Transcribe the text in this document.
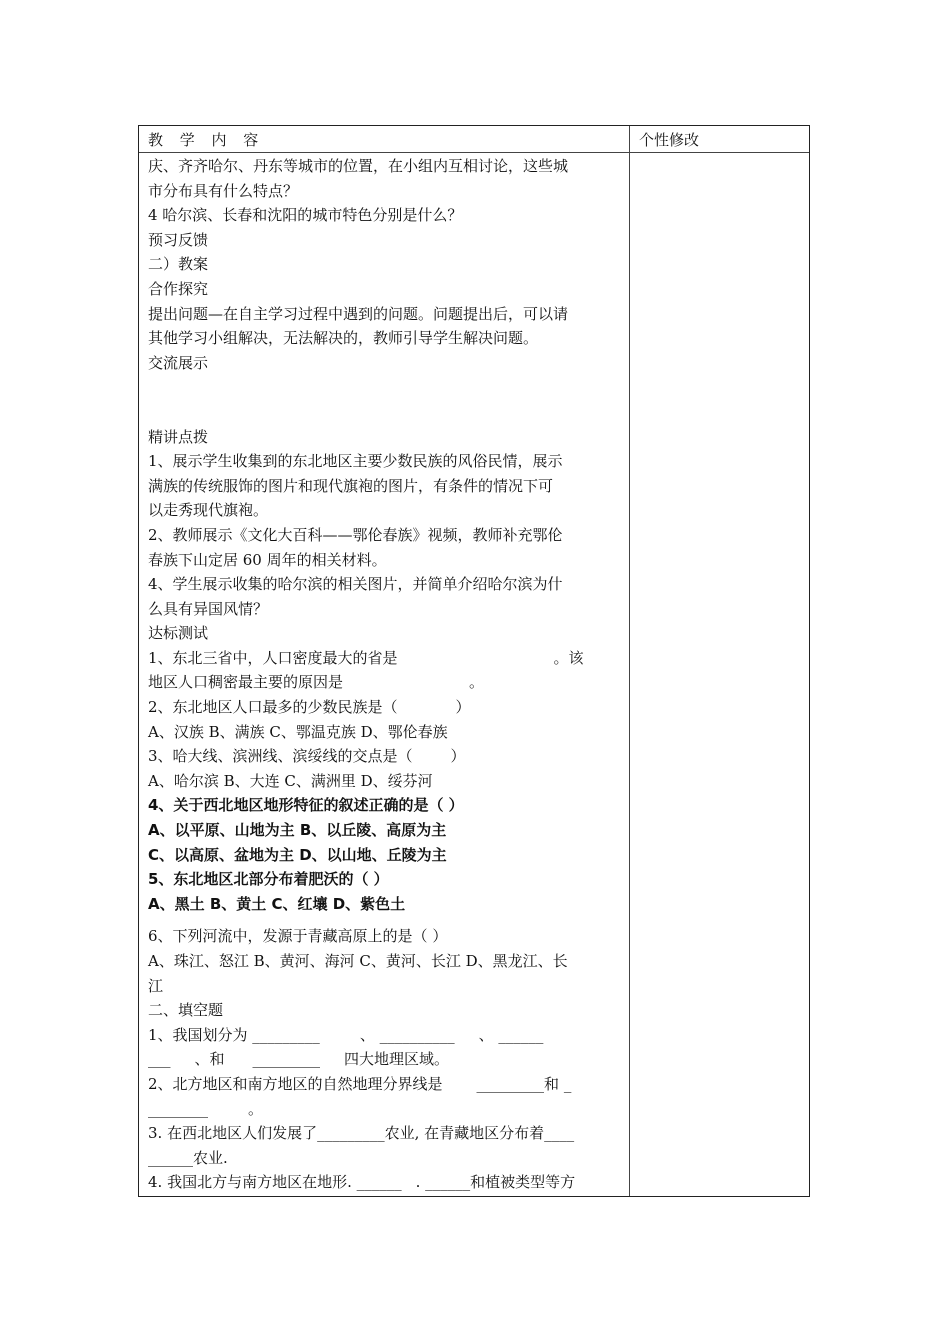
教 学 内 容	个性修改

庆、齐齐哈尔、丹东等城市的位置，在小组内互相讨论，这些城

市分布具有什么特点？

4 哈尔滨、长春和沈阳的城市特色分别是什么？

预习反馈

二）教案

合作探究

提出问题—在自主学习过程中遇到的问题。问题提出后，可以请

其他学习小组解决，无法解决的，教师引导学生解决问题。

交流展示

精讲点拨

1、展示学生收集到的东北地区主要少数民族的风俗民情，展示

满族的传统服饰的图片和现代旗袍的图片，有条件的情况下可

以走秀现代旗袍。

2、教师展示《文化大百科——鄂伦春族》视频，教师补充鄂伦

春族下山定居 60 周年的相关材料。

4、学生展示收集的哈尔滨的相关图片，并简单介绍哈尔滨为什

么具有异国风情？

达标测试

1、东北三省中，人口密度最大的省是	。该

地区人口稠密最主要的原因是	。

2、东北地区人口最多的少数民族是（	）

A、汉族 B、满族 C、鄂温克族 D、鄂伦春族

3、哈大线、滨洲线、滨绥线的交点是（	）

A、哈尔滨 B、大连 C、满洲里 D、绥芬河

4、关于西北地区地形特征的叙述正确的是（ ）

A、以平原、山地为主 B、以丘陵、高原为主

C、以高原、盆地为主 D、以山地、丘陵为主

5、东北地区北部分布着肥沃的（ ）

A、黑土 B、黄土 C、红壤 D、紫色土

6、下列河流中，发源于青藏高原上的是（ ）

A、珠江、怒江 B、黄河、海河 C、黄河、长江 D、黑龙江、长

江

二、填空题

1、我国划分为 _________	、 __________ 、 ______

___ 、和 _________ 四大地理区域。

2、北方地区和南方地区的自然地理分界线是 _________和 _

________	。

3. 在西北地区人们发展了_________农业, 在青藏地区分布着____

______农业.

4. 我国北方与南方地区在地形. ______ . ______和植被类型等方
